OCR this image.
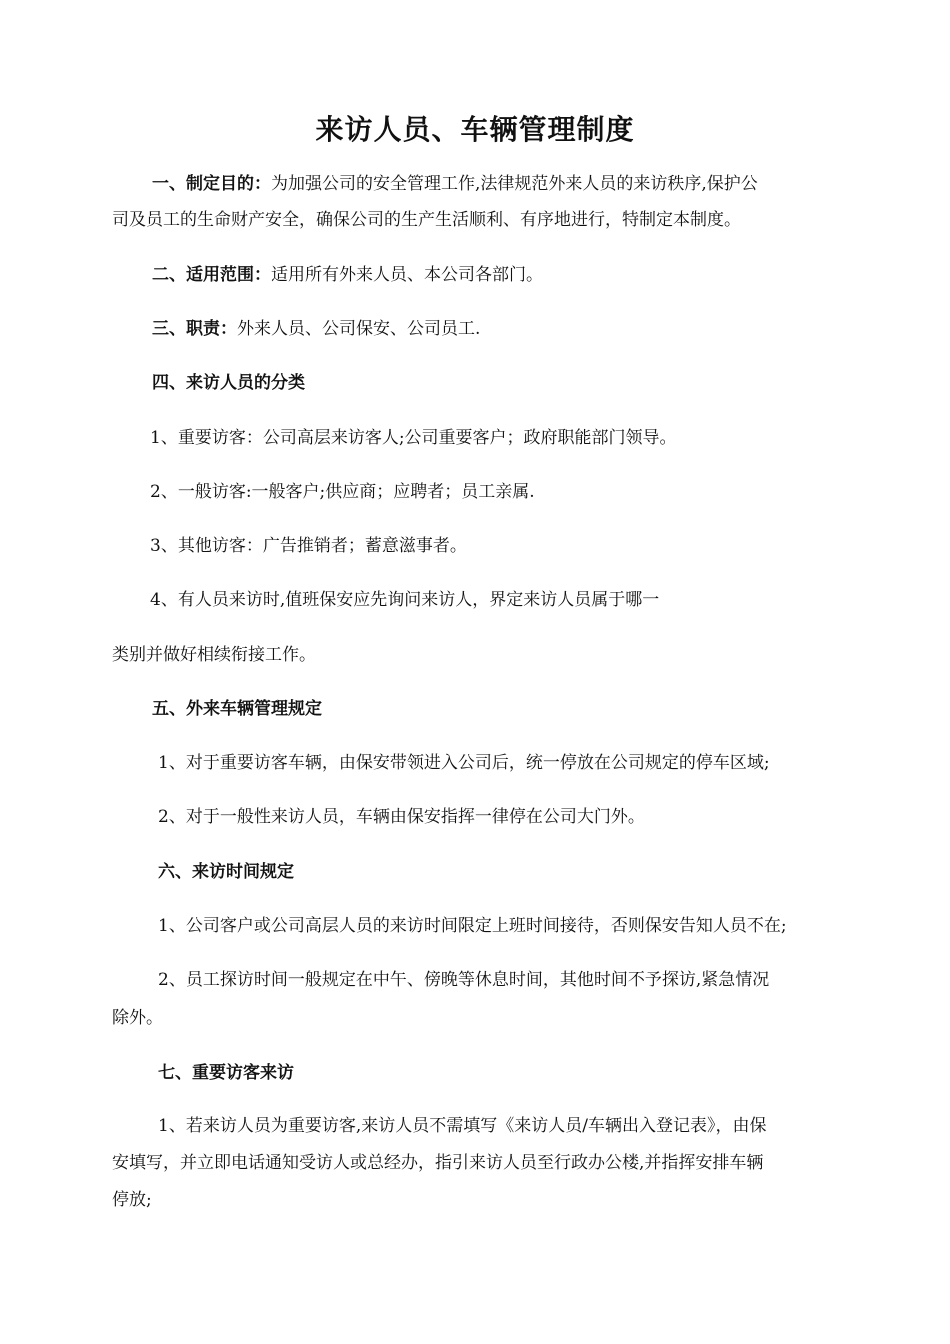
来访人员、车辆管理制度

一、制定目的：为加强公司的安全管理工作,法律规范外来人员的来访秩序,保护公

司及员工的生命财产安全，确保公司的生产生活顺利、有序地进行，特制定本制度。

二、适用范围：适用所有外来人员、本公司各部门。

三、职责：外来人员、公司保安、公司员工.

四、来访人员的分类

1、重要访客：公司高层来访客人;公司重要客户；政府职能部门领导。

2、一般访客:一般客户;供应商；应聘者；员工亲属.

3、其他访客：广告推销者；蓄意滋事者。

4、有人员来访时,值班保安应先询问来访人，界定来访人员属于哪一

类别并做好相续衔接工作。

五、外来车辆管理规定

1、对于重要访客车辆，由保安带领进入公司后，统一停放在公司规定的停车区域;

2、对于一般性来访人员，车辆由保安指挥一律停在公司大门外。

六、来访时间规定

1、公司客户或公司高层人员的来访时间限定上班时间接待，否则保安告知人员不在;

2、员工探访时间一般规定在中午、傍晚等休息时间，其他时间不予探访,紧急情况

除外。

七、重要访客来访

1、若来访人员为重要访客,来访人员不需填写《来访人员/车辆出入登记表》，由保

安填写，并立即电话通知受访人或总经办，指引来访人员至行政办公楼,并指挥安排车辆

停放;
